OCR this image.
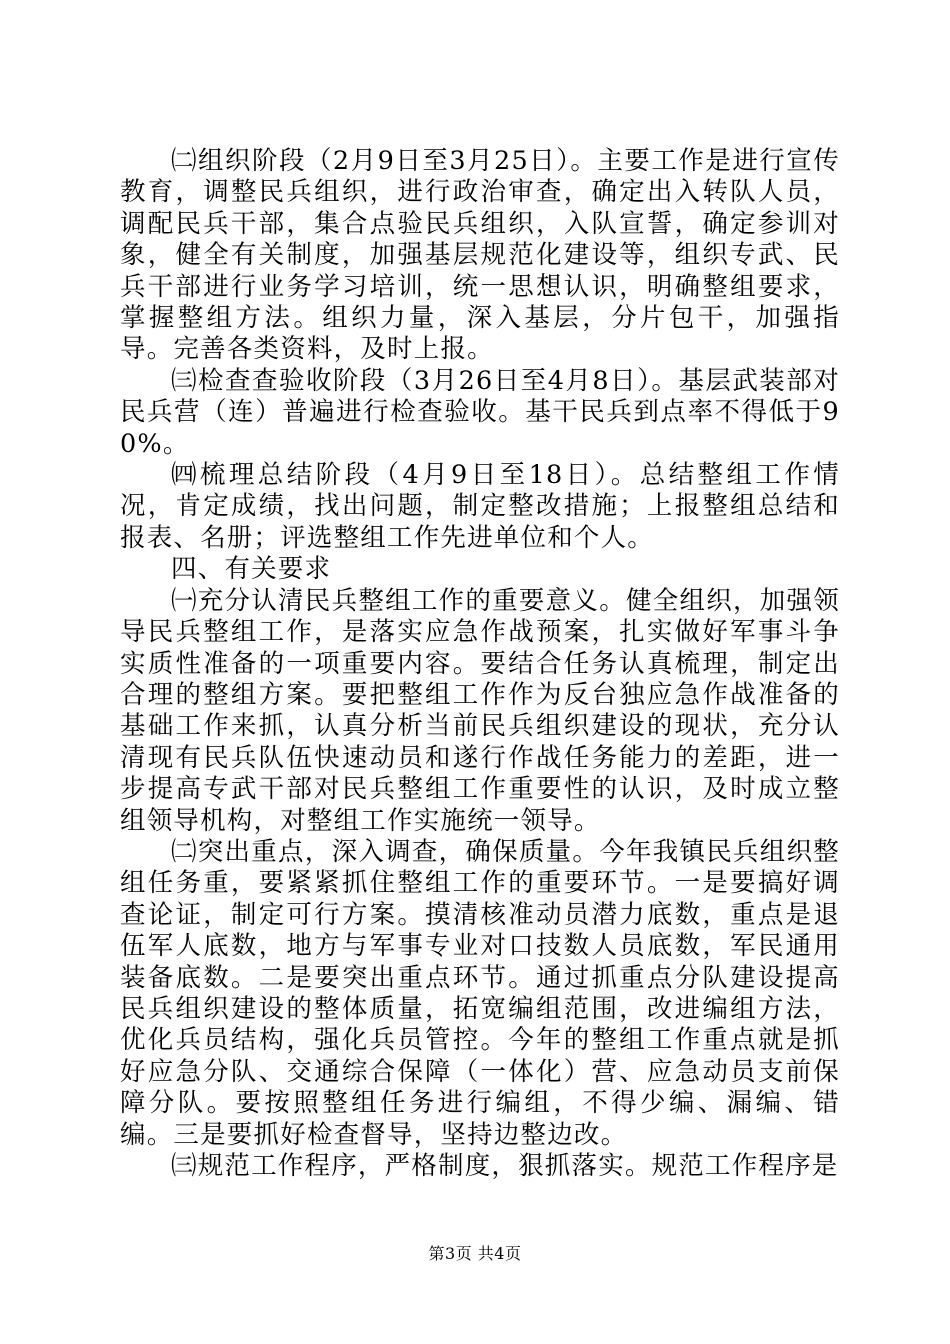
㈡组织阶段（2月9日至3月25日）。主要工作是进行宣传教育，调整民兵组织，进行政治审查，确定出入转队人员，调配民兵干部，集合点验民兵组织，入队宣誓，确定参训对象，健全有关制度，加强基层规范化建设等，组织专武、民兵干部进行业务学习培训，统一思想认识，明确整组要求，掌握整组方法。组织力量，深入基层，分片包干，加强指导。完善各类资料，及时上报。

㈢检查查验收阶段（3月26日至4月8日）。基层武装部对民兵营（连）普遍进行检查验收。基干民兵到点率不得低于90%。

㈣梳理总结阶段（4月9日至18日）。总结整组工作情况，肯定成绩，找出问题，制定整改措施；上报整组总结和报表、名册；评选整组工作先进单位和个人。

四、有关要求

㈠充分认清民兵整组工作的重要意义。健全组织，加强领导民兵整组工作，是落实应急作战预案，扎实做好军事斗争实质性准备的一项重要内容。要结合任务认真梳理，制定出合理的整组方案。要把整组工作作为反台独应急作战准备的基础工作来抓，认真分析当前民兵组织建设的现状，充分认清现有民兵队伍快速动员和遂行作战任务能力的差距，进一步提高专武干部对民兵整组工作重要性的认识，及时成立整组领导机构，对整组工作实施统一领导。

㈡突出重点，深入调查，确保质量。今年我镇民兵组织整组任务重，要紧紧抓住整组工作的重要环节。一是要搞好调查论证，制定可行方案。摸清核准动员潜力底数，重点是退伍军人底数，地方与军事专业对口技数人员底数，军民通用装备底数。二是要突出重点环节。通过抓重点分队建设提高民兵组织建设的整体质量，拓宽编组范围，改进编组方法，优化兵员结构，强化兵员管控。今年的整组工作重点就是抓好应急分队、交通综合保障（一体化）营、应急动员支前保障分队。要按照整组任务进行编组，不得少编、漏编、错编。三是要抓好检查督导，坚持边整边改。

㈢规范工作程序，严格制度，狠抓落实。规范工作程序是

第3页 共4页
